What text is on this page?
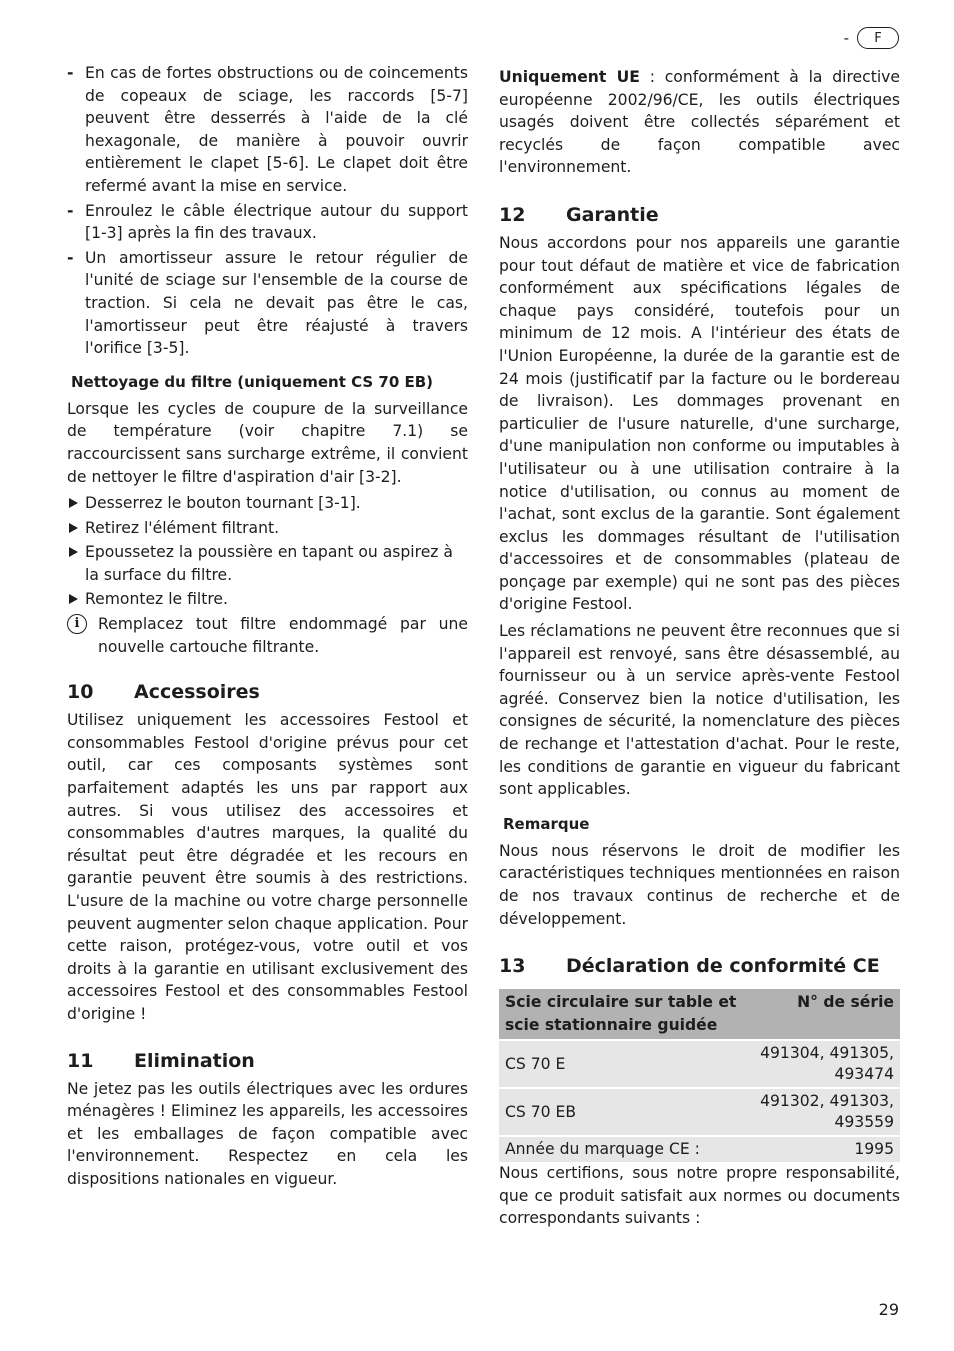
-	F
- En cas de fortes obstructions ou de coincements de copeaux de sciage, les raccords [5-7] peuvent être desserrés à l'aide de la clé hexagonale, de manière à pouvoir ouvrir entièrement le clapet [5-6]. Le clapet doit être refermé avant la mise en service.
- Enroulez le câble électrique autour du support [1-3] après la fin des travaux.
- Un amortisseur assure le retour régulier de l'unité de sciage sur l'ensemble de la course de traction. Si cela ne devait pas être le cas, l'amortisseur peut être réajusté à travers l'orifice [3-5].
Nettoyage du filtre (uniquement CS 70 EB)

Lorsque les cycles de coupure de la surveillance de température (voir chapitre 7.1) se raccourcissent sans surcharge extrême, il convient de nettoyer le filtre d'aspiration d'air [3-2].

Desserrez le bouton tournant [3-1].
Retirez l'élément filtrant.
Epoussetez la poussière en tapant ou aspirez à la surface du filtre.
Remontez le filtre.
i	Remplacez tout filtre endommagé par une nouvelle cartouche filtrante.
10	Accessoires

Utilisez uniquement les accessoires Festool et consommables Festool d'origine prévus pour cet outil, car ces composants systèmes sont parfaitement adaptés les uns par rapport aux autres. Si vous utilisez des accessoires et consommables d'autres marques, la qualité du résultat peut être dégradée et les recours en garantie peuvent être soumis à des restrictions. L'usure de la machine ou votre charge personnelle peuvent augmenter selon chaque application. Pour cette raison, protégez-vous, votre outil et vos droits à la garantie en utilisant exclusivement des accessoires Festool et des consommables Festool d'origine !

11	Elimination

Ne jetez pas les outils électriques avec les ordures ménagères ! Eliminez les appareils, les accessoires et les emballages de façon compatible avec l'environnement. Respectez en cela les dispositions nationales en vigueur.

Uniquement UE : conformément à la directive européenne 2002/96/CE, les outils électriques usagés doivent être collectés séparément et recyclés de façon compatible avec l'environnement.

12	Garantie

Nous accordons pour nos appareils une garantie pour tout défaut de matière et vice de fabrication conformément aux spécifications légales de chaque pays considéré, toutefois pour un minimum de 12 mois. A l'intérieur des états de l'Union Européenne, la durée de la garantie est de 24 mois (justificatif par la facture ou le bordereau de livraison). Les dommages provenant en particulier de l'usure naturelle, d'une surcharge, d'une manipulation non conforme ou imputables à l'utilisateur ou à une utilisation contraire à la notice d'utilisation, ou connus au moment de l'achat, sont exclus de la garantie. Sont également exclus les dommages résultant de l'utilisation d'accessoires et de consommables (plateau de ponçage par exemple) qui ne sont pas des pièces d'origine Festool.

Les réclamations ne peuvent être reconnues que si l'appareil est renvoyé, sans être désassemblé, au fournisseur ou à un service après-vente Festool agréé. Conservez bien la notice d'utilisation, les consignes de sécurité, la nomenclature des pièces de rechange et l'attestation d'achat. Pour le reste, les conditions de garantie en vigueur du fabricant sont applicables.

Remarque

Nous nous réservons le droit de modifier les caractéristiques techniques mentionnées en raison de nos travaux continus de recherche et de développement.

13	Déclaration de conformité CE
Scie circulaire sur table et scie stationnaire guidée	N° de série
CS 70 E	491304, 491305, 493474
CS 70 EB	491302, 491303, 493559
Année du marquage CE :	1995

Nous certifions, sous notre propre responsabilité, que ce produit satisfait aux normes ou documents correspondants suivants :

29
